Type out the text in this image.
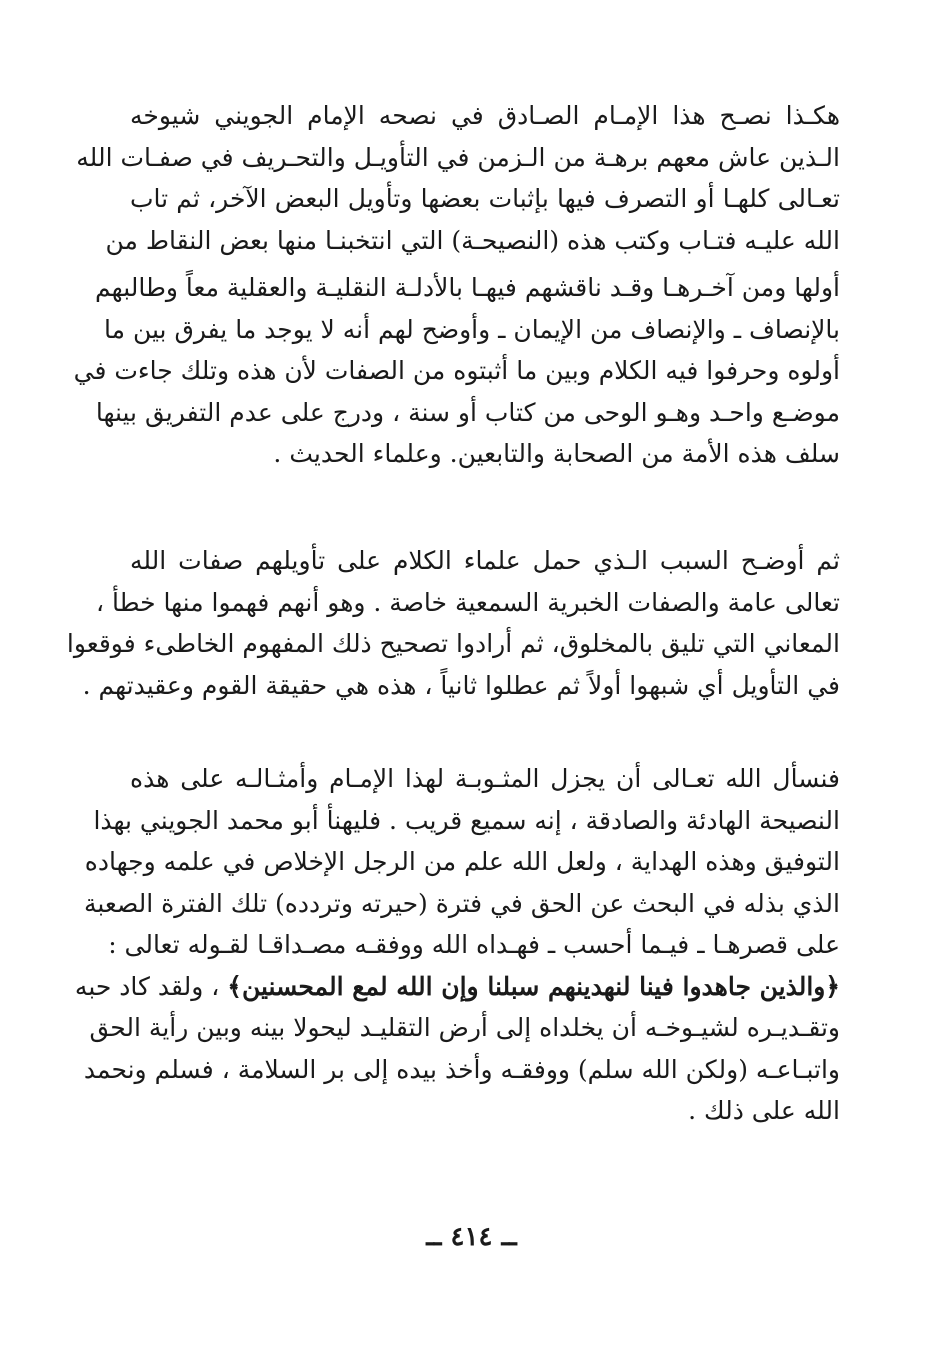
هكـذا نصـح هذا الإمـام الصـادق في نصحه الإمام الجويني شيوخه
الـذين عاش معهم برهـة من الـزمن في التأويـل والتحـريف في صفـات الله
تعـالى كلهـا أو التصرف فيها بإثبات بعضها وتأويل البعض الآخر، ثم تاب
الله عليـه فتـاب وكتب هذه (النصيحـة) التي انتخبنـا منها بعض النقاط من
أولها ومن آخـرهـا وقـد ناقشهم فيهـا بالأدلـة النقليـة والعقلية معاً وطالبهم
بالإنصاف ـ والإنصاف من الإيمان ـ وأوضح لهم أنه لا يوجد ما يفرق بين ما
أولوه وحرفوا فيه الكلام وبين ما أثبتوه من الصفات لأن هذه وتلك جاءت في
موضـع واحـد وهـو الوحى من كتاب أو سنة ، ودرج على عدم التفريق بينها
سلف هذه الأمة من الصحابة والتابعين. وعلماء الحديث .
ثم أوضـح السبب الـذي حمل علماء الكلام على تأويلهم صفات الله
تعالى عامة والصفات الخبرية السمعية خاصة . وهو أنهم فهموا منها خطأ ،
المعاني التي تليق بالمخلوق، ثم أرادوا تصحيح ذلك المفهوم الخاطىء فوقعوا
في التأويل أي شبهوا أولاً ثم عطلوا ثانياً ، هذه هي حقيقة القوم وعقيدتهم .
فنسأل الله تعـالى أن يجزل المثـوبـة لهذا الإمـام وأمثـالـه على هذه
النصيحة الهادئة والصادقة ، إنه سميع قريب . فليهنأ أبو محمد الجويني بهذا
التوفيق وهذه الهداية ، ولعل الله علم من الرجل الإخلاص في علمه وجهاده
الذي بذله في البحث عن الحق في فترة (حيرته وتردده) تلك الفترة الصعبة
على قصرهـا ـ فيـما أحسب ـ فهـداه الله ووفقـه مصـداقـا لقـوله تعالى :
﴿والذين جاهدوا فينا لنهدينهم سبلنا وإن الله لمع المحسنين﴾ ، ولقد كاد حبه
وتقـديـره لشيـوخـه أن يخلداه إلى أرض التقليـد ليحولا بينه وبين رأية الحق
واتبـاعـه (ولكن الله سلم) ووفقـه وأخذ بيده إلى بر السلامة ، فسلم ونحمد
الله على ذلك .
ــ ٤١٤ ــ
